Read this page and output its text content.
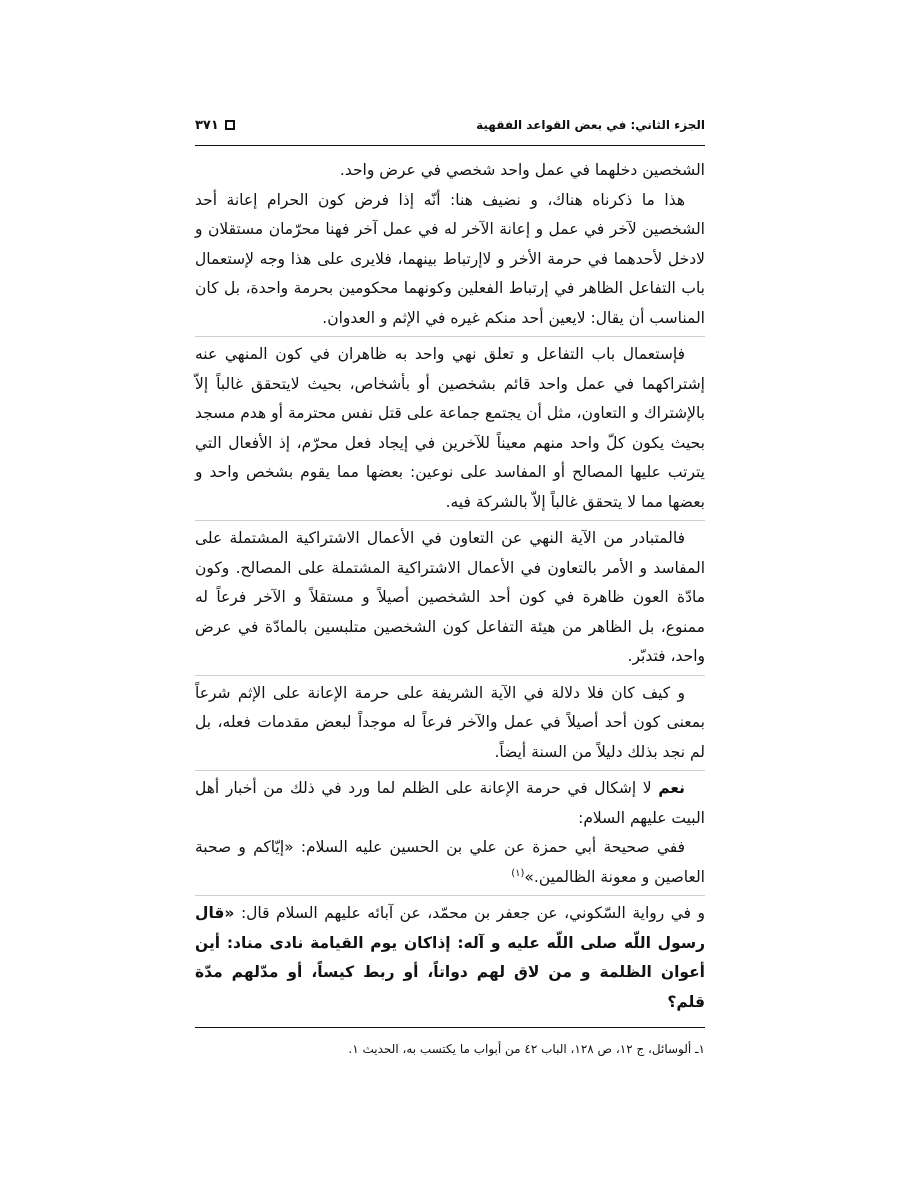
الجزء الثاني: في بعض القواعد الفقهية
٣٧١

الشخصين دخلهما في عمل واحد شخصي في عرض واحد.

هذا ما ذكرناه هناك، و نضيف هنا: أنّه إذا فرض كون الحرام إعانة أحد الشخصين لآخر في عمل و إعانة الآخر له في عمل آخر فهنا محرّمان مستقلان و لادخل لأحدهما في حرمة الأخر و لاإرتباط بينهما، فلايرى على هذا وجه لإستعمال باب التفاعل الظاهر في إرتباط الفعلين وكونهما محكومين بحرمة واحدة، بل كان المناسب أن يقال: لايعين أحد منكم غيره في الإثم و العدوان.

فإستعمال باب التفاعل و تعلق نهي واحد به ظاهران في كون المنهي عنه إشتراكهما في عمل واحد قائم بشخصين أو بأشخاص، بحيث لايتحقق غالباً إلاّ بالإشتراك و التعاون، مثل أن يجتمع جماعة على قتل نفس محترمة أو هدم مسجد بحيث يكون كلّ واحد منهم معيناً للآخرين في إيجاد فعل محرّم، إذ الأفعال التي يترتب عليها المصالح أو المفاسد على نوعين: بعضها مما يقوم بشخص واحد و بعضها مما لا يتحقق غالباً إلاّ بالشركة فيه.

فالمتبادر من الآية النهي عن التعاون في الأعمال الاشتراكية المشتملة على المفاسد و الأمر بالتعاون في الأعمال الاشتراكية المشتملة على المصالح. وكون مادّة العون ظاهرة في كون أحد الشخصين أصيلاً و مستقلاً و الآخر فرعاً له ممنوع، بل الظاهر من هيئة التفاعل كون الشخصين متلبسين بالمادّة في عرض واحد، فتدبّر.

و كيف كان فلا دلالة في الآية الشريفة على حرمة الإعانة على الإثم شرعاً بمعنى كون أحد أصيلاً في عمل والآخر فرعاً له موجداً لبعض مقدمات فعله، بل لم نجد بذلك دليلاً من السنة أيضاً.

نعم لا إشكال في حرمة الإعانة على الظلم لما ورد في ذلك من أخبار أهل البيت عليهم السلام:

ففي صحيحة أبي حمزة عن علي بن الحسين عليه السلام: «إيّاكم و صحبة العاصين و معونة الظالمين.»$^{(١)}$

و في رواية السّكوني، عن جعفر بن محمّد، عن آبائه عليهم السلام قال: «قال رسول اللّه صلى اللّه عليه و آله: إذاكان يوم القيامة نادى مناد: أين أعوان الظلمة و من لاق لهم دواتاً، أو ربط كيساً، أو مدّلهم مدّة قلم؟

١ـ ألوسائل، ج ١٢، ص ١٢٨، الباب ٤٢ من أبواب ما يكتسب به، الحديث ١.
